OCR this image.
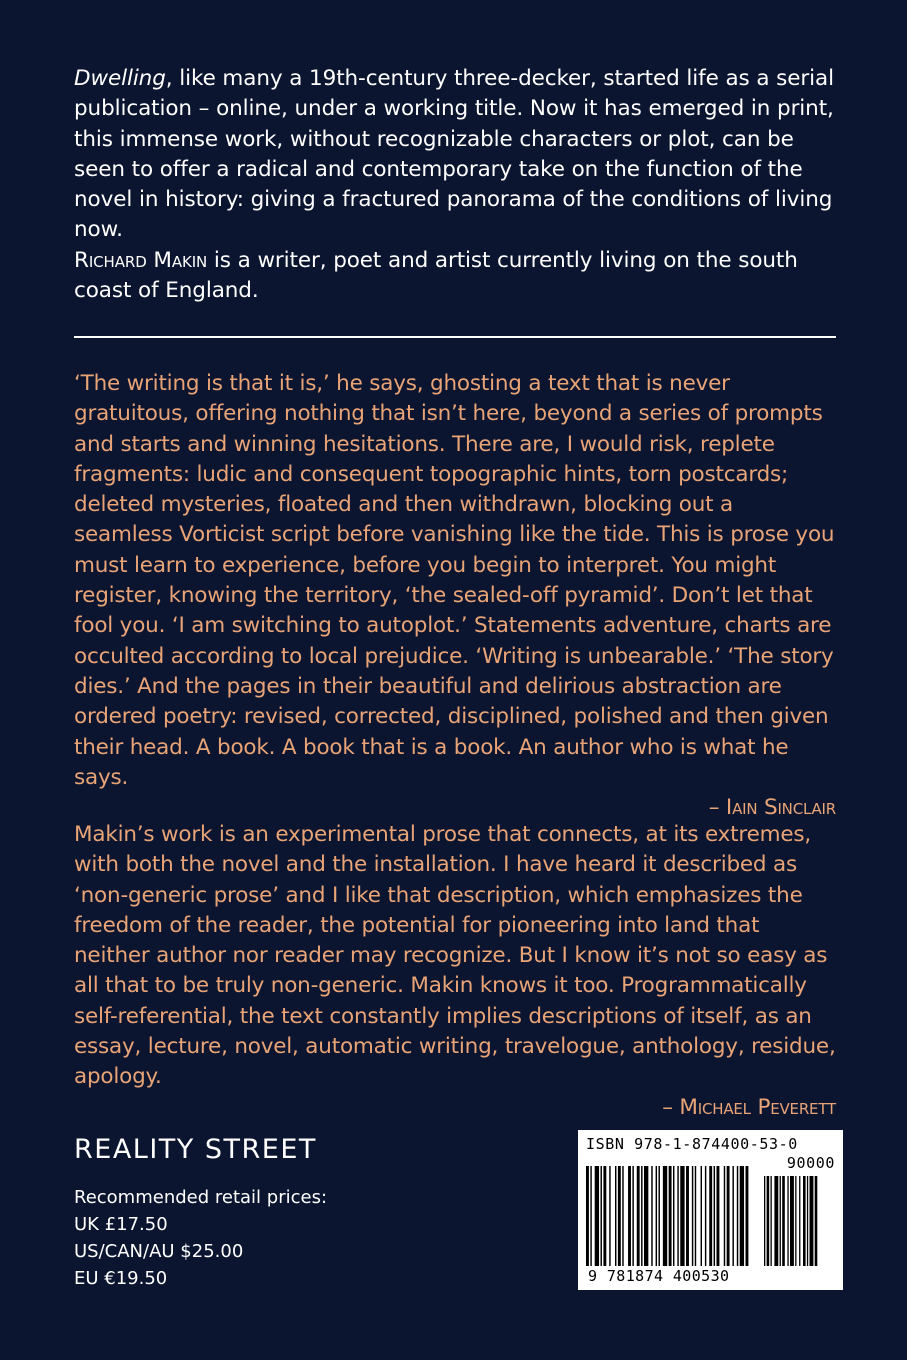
Dwelling, like many a 19th-century three-decker, started life as a serial publication – online, under a working title. Now it has emerged in print, this immense work, without recognizable characters or plot, can be seen to offer a radical and contemporary take on the function of the novel in history: giving a fractured panorama of the conditions of living now.

Richard Makin is a writer, poet and artist currently living on the south coast of England.

‘The writing is that it is,’ he says, ghosting a text that is never gratuitous, offering nothing that isn’t here, beyond a series of prompts and starts and winning hesitations. There are, I would risk, replete fragments: ludic and consequent topographic hints, torn postcards; deleted mysteries, floated and then withdrawn, blocking out a seamless Vorticist script before vanishing like the tide. This is prose you must learn to experience, before you begin to interpret. You might register, knowing the territory, ‘the sealed-off pyramid’. Don’t let that fool you. ‘I am switching to autoplot.’ Statements adventure, charts are occulted according to local prejudice. ‘Writing is unbearable.’ ‘The story dies.’ And the pages in their beautiful and delirious abstraction are ordered poetry: revised, corrected, disciplined, polished and then given their head. A book. A book that is a book. An author who is what he says.

– Iain Sinclair

Makin’s work is an experimental prose that connects, at its extremes, with both the novel and the installation. I have heard it described as ‘non-generic prose’ and I like that description, which emphasizes the freedom of the reader, the potential for pioneering into land that neither author nor reader may recognize. But I know it’s not so easy as all that to be truly non-generic. Makin knows it too. Programmatically self-referential, the text constantly implies descriptions of itself, as an essay, lecture, novel, automatic writing, travelogue, anthology, residue, apology.

– Michael Peverett

REALITY STREET
Recommended retail prices:
UK £17.50
US/CAN/AU $25.00
EU €19.50
ISBN 978-1-874400-53-0
90000
9 781874 400530
